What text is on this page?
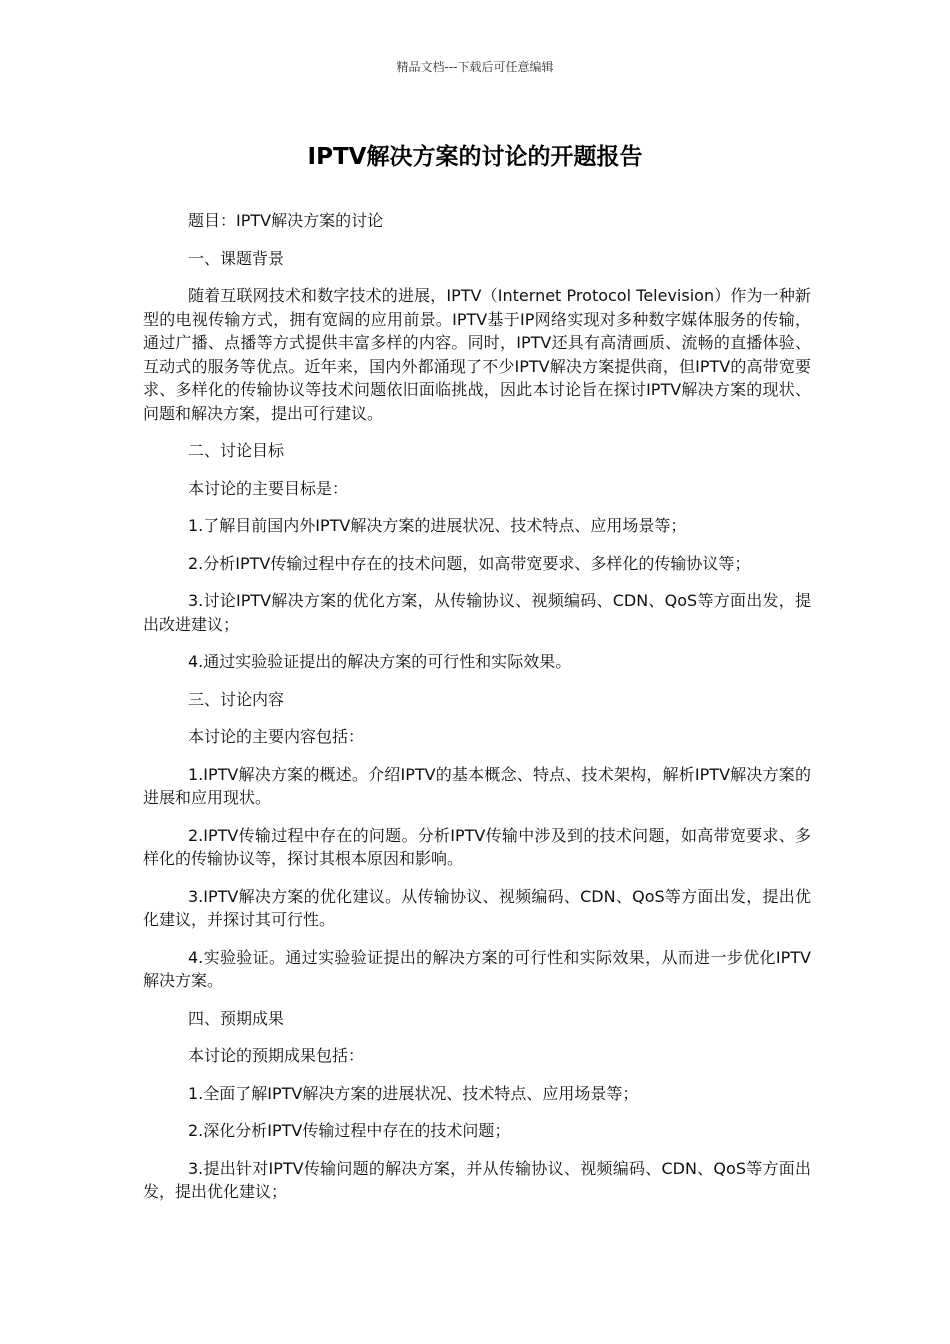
精品文档---下载后可任意编辑
IPTV解决方案的讨论的开题报告

题目：IPTV解决方案的讨论

一、课题背景

随着互联网技术和数字技术的进展，IPTV（Internet Protocol Television）作为一种新型的电视传输方式，拥有宽阔的应用前景。IPTV基于IP网络实现对多种数字媒体服务的传输，通过广播、点播等方式提供丰富多样的内容。同时，IPTV还具有高清画质、流畅的直播体验、互动式的服务等优点。近年来，国内外都涌现了不少IPTV解决方案提供商，但IPTV的高带宽要求、多样化的传输协议等技术问题依旧面临挑战，因此本讨论旨在探讨IPTV解决方案的现状、问题和解决方案，提出可行建议。

二、讨论目标

本讨论的主要目标是：

1.了解目前国内外IPTV解决方案的进展状况、技术特点、应用场景等；

2.分析IPTV传输过程中存在的技术问题，如高带宽要求、多样化的传输协议等；

3.讨论IPTV解决方案的优化方案，从传输协议、视频编码、CDN、QoS等方面出发，提出改进建议；

4.通过实验验证提出的解决方案的可行性和实际效果。

三、讨论内容

本讨论的主要内容包括：

1.IPTV解决方案的概述。介绍IPTV的基本概念、特点、技术架构，解析IPTV解决方案的进展和应用现状。

2.IPTV传输过程中存在的问题。分析IPTV传输中涉及到的技术问题，如高带宽要求、多样化的传输协议等，探讨其根本原因和影响。

3.IPTV解决方案的优化建议。从传输协议、视频编码、CDN、QoS等方面出发，提出优化建议，并探讨其可行性。

4.实验验证。通过实验验证提出的解决方案的可行性和实际效果，从而进一步优化IPTV解决方案。

四、预期成果

本讨论的预期成果包括：

1.全面了解IPTV解决方案的进展状况、技术特点、应用场景等；

2.深化分析IPTV传输过程中存在的技术问题；

3.提出针对IPTV传输问题的解决方案，并从传输协议、视频编码、CDN、QoS等方面出发，提出优化建议；
